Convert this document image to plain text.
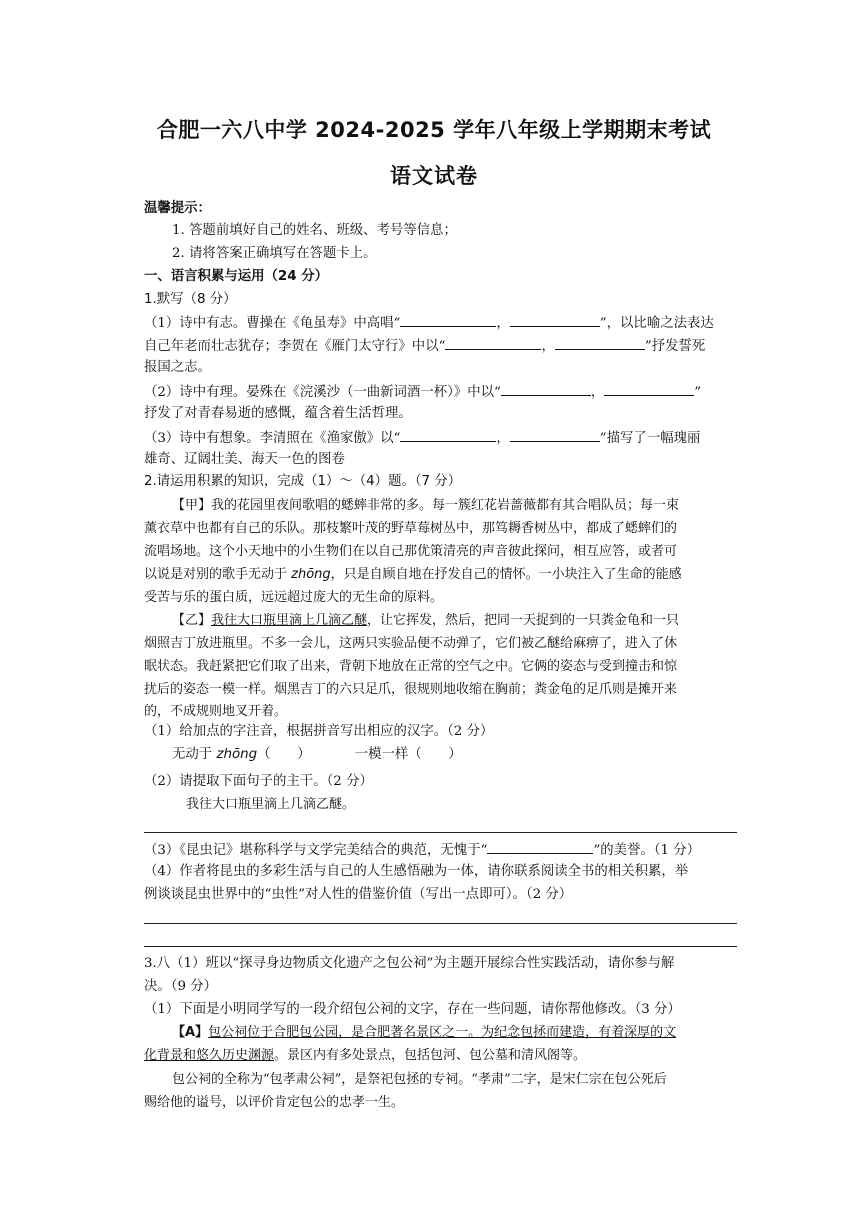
合肥一六八中学 2024-2025 学年八年级上学期期末考试
语文试卷
温馨提示：
1. 答题前填好自己的姓名、班级、考号等信息；
2. 请将答案正确填写在答题卡上。
一、语言积累与运用（24 分）
1.默写（8 分）
（1）诗中有志。曹操在《龟虽寿》中高唱“	，	”，以比喻之法表达
自己年老而壮志犹存；李贺在《雁门太守行》中以“	，	”抒发誓死
报国之志。
（2）诗中有理。晏殊在《浣溪沙（一曲新词酒一杯）》中以“	，	”
抒发了对青春易逝的感慨，蕴含着生活哲理。
（3）诗中有想象。李清照在《渔家傲》以“	，	”描写了一幅瑰丽
雄奇、辽阔壮美、海天一色的图卷
2.请运用积累的知识，完成（1）～（4）题。（7 分）
【甲】我的花园里夜间歌唱的蟋蟀非常的多。每一簇红花岩蔷薇都有其合唱队员；每一束
薰衣草中也都有自己的乐队。那枝繁叶茂的野草莓树丛中，那笃耨香树丛中，都成了蟋蟀们的
流唱场地。这个小天地中的小生物们在以自己那优策清亮的声音彼此探问，相互应答，或者可
以说是对别的歌手无动于 zhōng，只是自顾自地在抒发自己的情怀。一小块注入了生命的能感
受苦与乐的蛋白质，远远超过庞大的无生命的原料。
【乙】我往大口瓶里滴上几滴乙醚，让它挥发，然后，把同一天捉到的一只粪金龟和一只
烟照吉丁放进瓶里。不多一会儿，这两只实验品便不动弹了，它们被乙醚给麻痹了，进入了休
眠状态。我赶紧把它们取了出来，背朝下地放在正常的空气之中。它俩的姿态与受到撞击和惊
扰后的姿态一模一样。烟黑吉丁的六只足爪，很规则地收缩在胸前；粪金龟的足爪则是摊开来
的，不成规则地叉开着。
（1）给加点的字注音，根据拼音写出相应的汉字。（2 分）
无动于 zhōng（　　）	一模一样（　　）
（2）请提取下面句子的主干。（2 分）
我往大口瓶里滴上几滴乙醚。
（3）《昆虫记》堪称科学与文学完美结合的典范，无愧于“	”的美誉。（1 分）
（4）作者将昆虫的多彩生活与自己的人生感悟融为一体，请你联系阅读全书的相关积累，举
例谈谈昆虫世界中的“虫性”对人性的借鉴价值（写出一点即可）。（2 分）
3.八（1）班以“探寻身边物质文化遗产之包公祠”为主题开展综合性实践活动，请你参与解
决。（9 分）
（1）下面是小明同学写的一段介绍包公祠的文字，存在一些问题，请你帮他修改。（3 分）
【A】包公祠位于合肥包公园，是合肥著名景区之一。为纪念包拯而建造，有着深厚的文
化背景和悠久历史渊源。景区内有多处景点，包括包河、包公墓和清风阁等。
包公祠的全称为“包孝肃公祠”，是祭祀包拯的专祠。“孝肃”二字，是宋仁宗在包公死后
赐给他的谥号，以评价肯定包公的忠孝一生。
